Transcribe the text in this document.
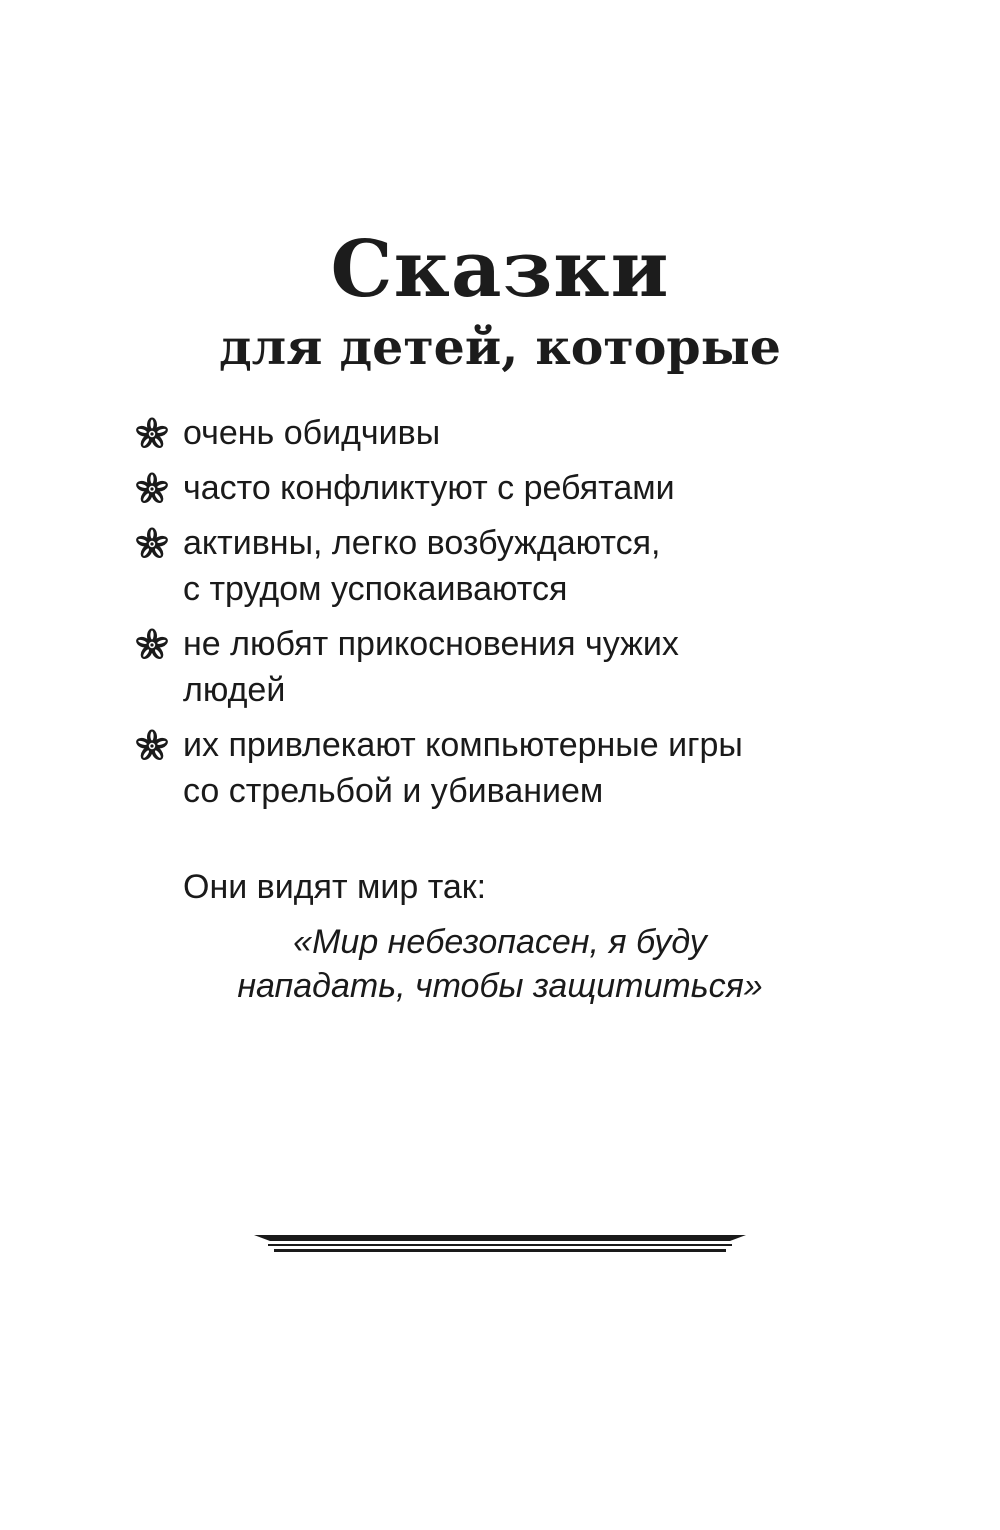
Сказки
для детей, которые
очень обидчивы
часто конфликтуют с ребятами
активны, легко возбуждаются,
с трудом успокаиваются
не любят прикосновения чужих
людей
их привлекают компьютерные игры
со стрельбой и убиванием
Они видят мир так:
«Мир небезопасен, я буду
нападать, чтобы защититься»
